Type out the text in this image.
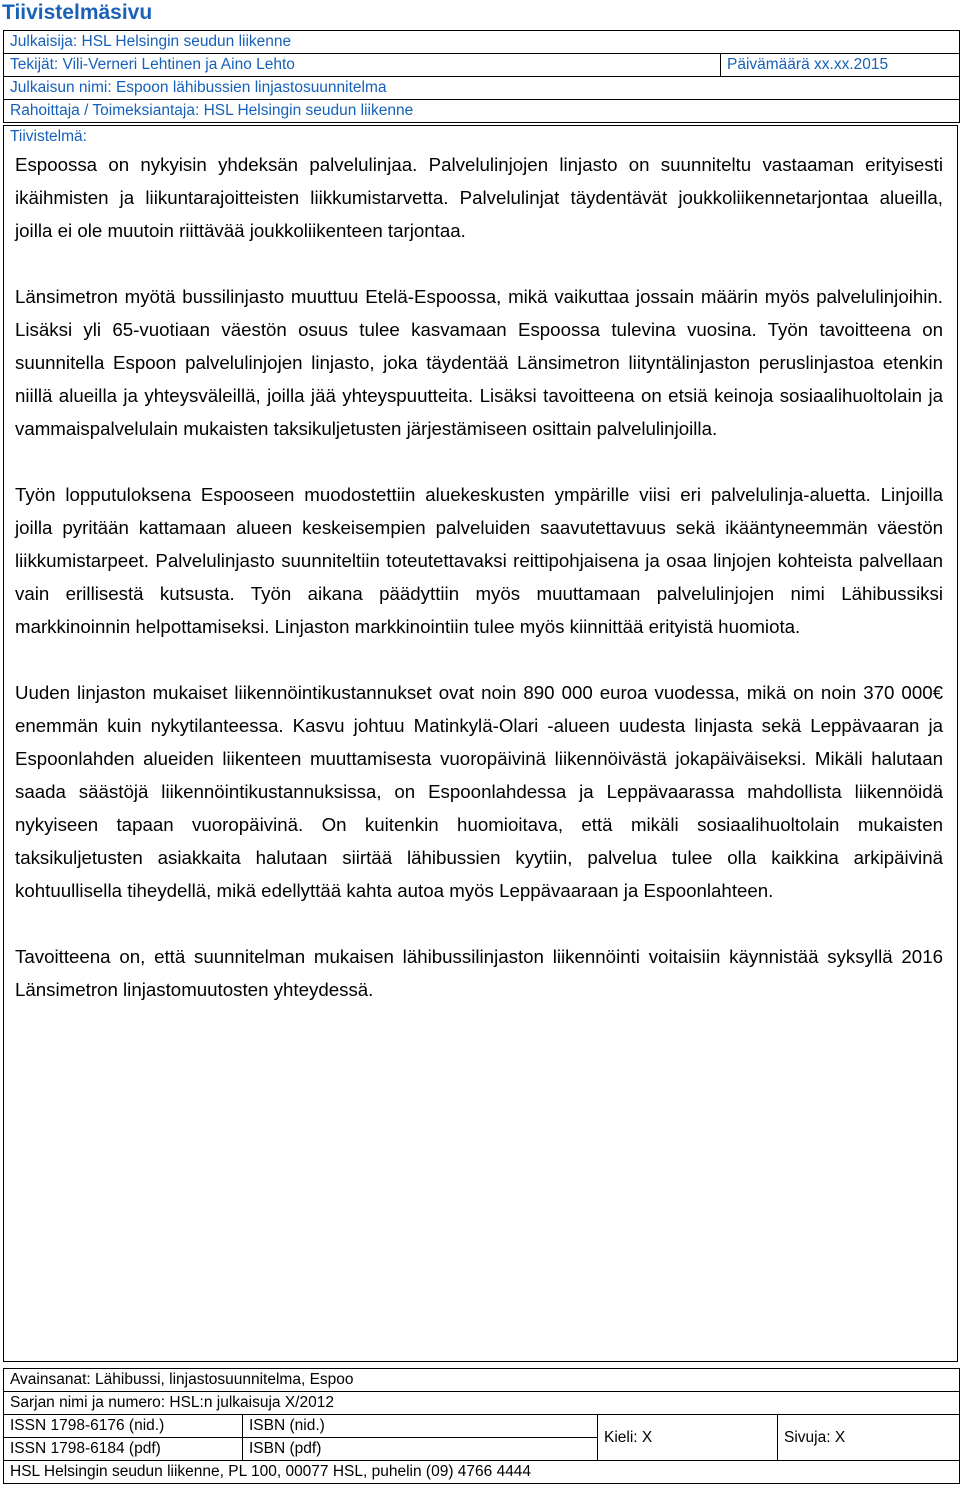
Tiivistelmäsivu
Julkaisija: HSL Helsingin seudun liikenne
Tekijät: Vili-Verneri Lehtinen ja Aino Lehto	Päivämäärä xx.xx.2015
Julkaisun nimi: Espoon lähibussien linjastosuunnitelma
Rahoittaja / Toimeksiantaja: HSL Helsingin seudun liikenne
Tiivistelmä:

Espoossa on nykyisin yhdeksän palvelulinjaa. Palvelulinjojen linjasto on suunniteltu vastaaman erityisesti ikäihmisten ja liikuntarajoitteisten liikkumistarvetta. Palvelulinjat täydentävät joukkoliikennetarjontaa alueilla, joilla ei ole muutoin riittävää joukkoliikenteen tarjontaa.

Länsimetron myötä bussilinjasto muuttuu Etelä-Espoossa, mikä vaikuttaa jossain määrin myös palvelulinjoihin. Lisäksi yli 65-vuotiaan väestön osuus tulee kasvamaan Espoossa tulevina vuosina. Työn tavoitteena on suunnitella Espoon palvelulinjojen linjasto, joka täydentää Länsimetron liityntälinjaston peruslinjastoa etenkin niillä alueilla ja yhteysväleillä, joilla jää yhteyspuutteita. Lisäksi tavoitteena on etsiä keinoja sosiaalihuoltolain ja vammaispalvelulain mukaisten taksikuljetusten järjestämiseen osittain palvelulinjoilla.

Työn lopputuloksena Espooseen muodostettiin aluekeskusten ympärille viisi eri palvelulinja-aluetta. Linjoilla joilla pyritään kattamaan alueen keskeisempien palveluiden saavutettavuus sekä ikääntyneemmän väestön liikkumistarpeet. Palvelulinjasto suunniteltiin toteutettavaksi reittipohjaisena ja osaa linjojen kohteista palvellaan vain erillisestä kutsusta. Työn aikana päädyttiin myös muuttamaan palvelulinjojen nimi Lähibussiksi markkinoinnin helpottamiseksi. Linjaston markkinointiin tulee myös kiinnittää erityistä huomiota.

Uuden linjaston mukaiset liikennöintikustannukset ovat noin 890 000 euroa vuodessa, mikä on noin 370 000€ enemmän kuin nykytilanteessa. Kasvu johtuu Matinkylä-Olari -alueen uudesta linjasta sekä Leppävaaran ja Espoonlahden alueiden liikenteen muuttamisesta vuoropäivinä liikennöivästä jokapäiväiseksi. Mikäli halutaan saada säästöjä liikennöintikustannuksissa, on Espoonlahdessa ja Leppävaarassa mahdollista liikennöidä nykyiseen tapaan vuoropäivinä. On kuitenkin huomioitava, että mikäli sosiaalihuoltolain mukaisten taksikuljetusten asiakkaita halutaan siirtää lähibussien kyytiin, palvelua tulee olla kaikkina arkipäivinä kohtuullisella tiheydellä, mikä edellyttää kahta autoa myös Leppävaaraan ja Espoonlahteen.

Tavoitteena on, että suunnitelman mukaisen lähibussilinjaston liikennöinti voitaisiin käynnistää syksyllä 2016 Länsimetron linjastomuutosten yhteydessä.

Avainsanat: Lähibussi, linjastosuunnitelma, Espoo			
Sarjan nimi ja numero: HSL:n julkaisuja X/2012			
ISSN 1798-6176 (nid.)	ISBN (nid.)	Kieli: X	Sivuja: X
ISSN 1798-6184 (pdf)	ISBN (pdf)		
HSL Helsingin seudun liikenne, PL 100, 00077 HSL, puhelin (09) 4766 4444			
